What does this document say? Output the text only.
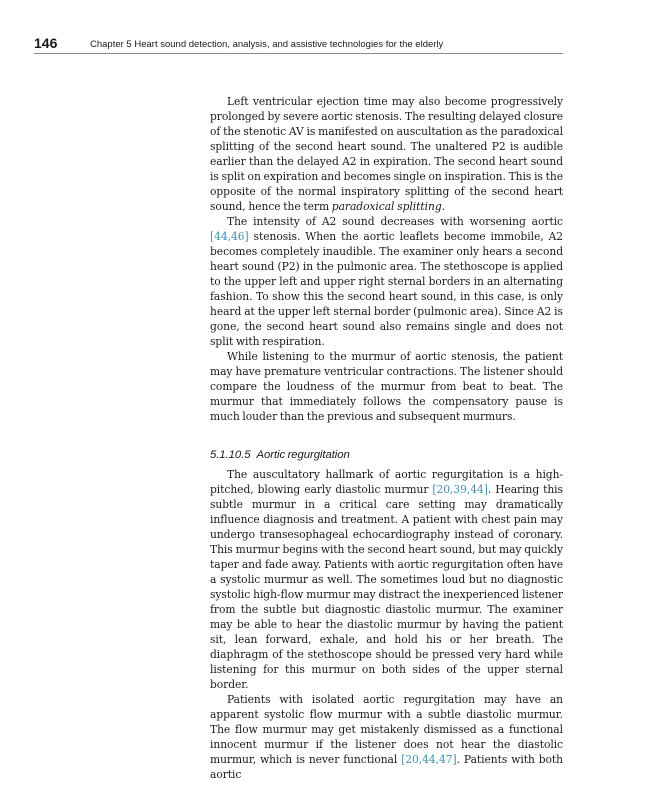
146	Chapter 5 Heart sound detection, analysis, and assistive technologies for the elderly

Left ventricular ejection time may also become progressively prolonged by severe aortic stenosis. The resulting delayed closure of the stenotic AV is manifested on auscultation as the paradoxical splitting of the second heart sound. The unaltered P2 is audible earlier than the delayed A2 in expiration. The second heart sound is split on expiration and becomes single on inspiration. This is the opposite of the normal inspiratory splitting of the second heart sound, hence the term paradoxical splitting.

The intensity of A2 sound decreases with worsening aortic [44,46] stenosis. When the aortic leaflets become immobile, A2 becomes completely inaudible. The examiner only hears a second heart sound (P2) in the pulmonic area. The stethoscope is applied to the upper left and upper right sternal borders in an alternating fashion. To show this the second heart sound, in this case, is only heard at the upper left sternal border (pulmonic area). Since A2 is gone, the second heart sound also remains single and does not split with respiration.

While listening to the murmur of aortic stenosis, the patient may have premature ventricular contractions. The listener should compare the loudness of the murmur from beat to beat. The murmur that immediately follows the compensatory pause is much louder than the previous and subsequent murmurs.

5.1.10.5 Aortic regurgitation

The auscultatory hallmark of aortic regurgitation is a high-pitched, blowing early diastolic murmur [20,39,44]. Hearing this subtle murmur in a critical care setting may dramatically influence diagnosis and treatment. A patient with chest pain may undergo transesophageal echocardiography instead of coronary. This murmur begins with the second heart sound, but may quickly taper and fade away. Patients with aortic regurgitation often have a systolic murmur as well. The sometimes loud but no diagnostic systolic high-flow murmur may distract the inexperienced listener from the subtle but diagnostic diastolic murmur. The examiner may be able to hear the diastolic murmur by having the patient sit, lean forward, exhale, and hold his or her breath. The diaphragm of the stethoscope should be pressed very hard while listening for this murmur on both sides of the upper sternal border.

Patients with isolated aortic regurgitation may have an apparent systolic flow murmur with a subtle diastolic murmur. The flow murmur may get mistakenly dismissed as a functional innocent murmur if the listener does not hear the diastolic murmur, which is never functional [20,44,47]. Patients with both aortic
